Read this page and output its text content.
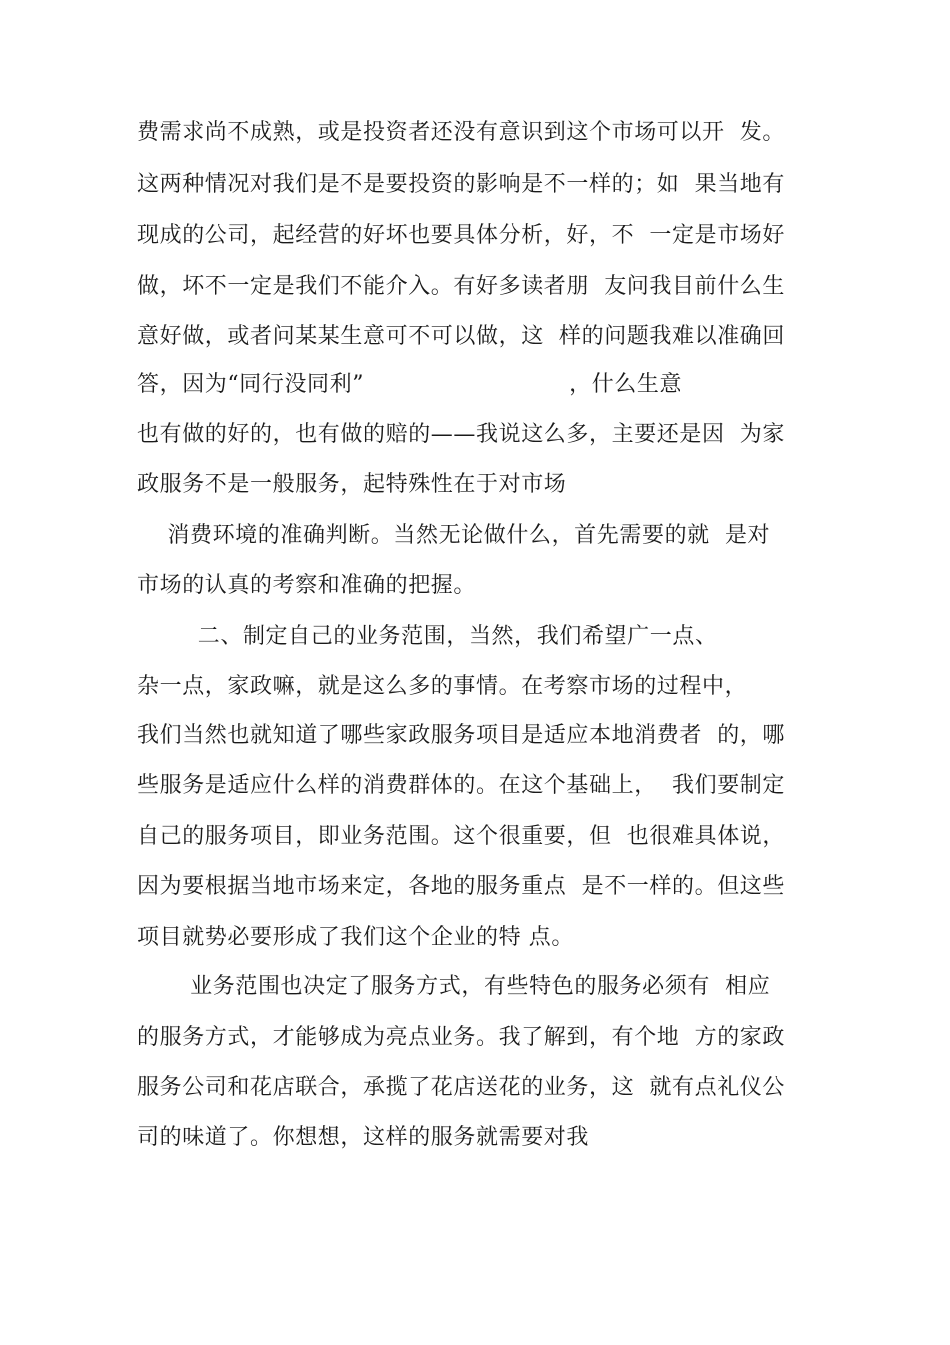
费需求尚不成熟，或是投资者还没有意识到这个市场可以开  发。
这两种情况对我们是不是要投资的影响是不一样的；如  果当地有
现成的公司，起经营的好坏也要具体分析，好，不  一定是市场好
做，坏不一定是我们不能介入。有好多读者朋  友问我目前什么生
意好做，或者问某某生意可不可以做，这  样的问题我难以准确回
答，因为“同行没同利”                           ，什么生意
也有做的好的，也有做的赔的——我说这么多，主要还是因  为家
政服务不是一般服务，起特殊性在于对市场
消费环境的准确判断。当然无论做什么，首先需要的就  是对
市场的认真的考察和准确的把握。
二、制定自己的业务范围，当然，我们希望广一点、
杂一点，家政嘛，就是这么多的事情。在考察市场的过程中，
我们当然也就知道了哪些家政服务项目是适应本地消费者  的，哪
些服务是适应什么样的消费群体的。在这个基础上，  我们要制定
自己的服务项目，即业务范围。这个很重要，但  也很难具体说，
因为要根据当地市场来定，各地的服务重点  是不一样的。但这些
项目就势必要形成了我们这个企业的特 点。
业务范围也决定了服务方式，有些特色的服务必须有  相应
的服务方式，才能够成为亮点业务。我了解到，有个地  方的家政
服务公司和花店联合，承揽了花店送花的业务，这  就有点礼仪公
司的味道了。你想想，这样的服务就需要对我
